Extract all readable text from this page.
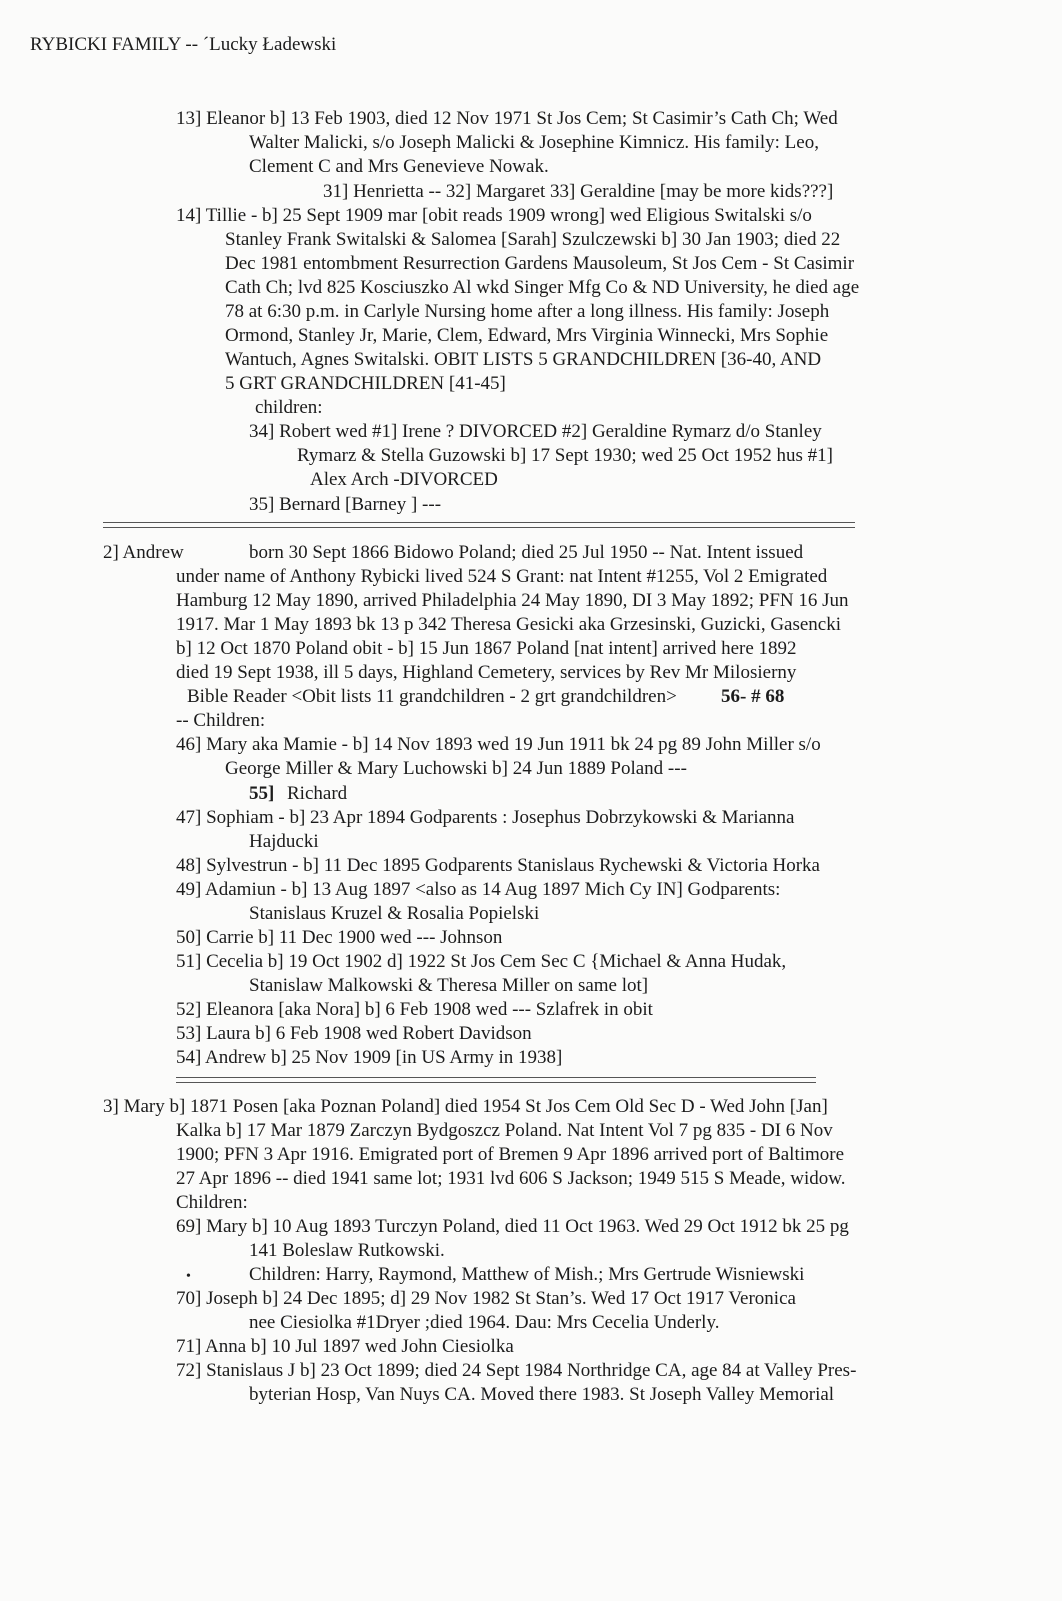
RYBICKI FAMILY -- ´Lucky Ładewski
13] Eleanor b] 13 Feb 1903, died 12 Nov 1971 St Jos Cem; St Casimir’s Cath Ch; Wed
Walter Malicki, s/o Joseph Malicki & Josephine Kimnicz. His family: Leo,
Clement C and Mrs Genevieve Nowak.
31] Henrietta -- 32] Margaret 33] Geraldine [may be more kids???]
14] Tillie - b] 25 Sept 1909 mar [obit reads 1909 wrong] wed Eligious Switalski s/o
Stanley Frank Switalski & Salomea [Sarah] Szulczewski b] 30 Jan 1903; died 22
Dec 1981 entombment Resurrection Gardens Mausoleum, St Jos Cem - St Casimir
Cath Ch; lvd 825 Kosciuszko Al wkd Singer Mfg Co & ND University, he died age
78 at 6:30 p.m. in Carlyle Nursing home after a long illness. His family: Joseph
Ormond, Stanley Jr, Marie, Clem, Edward, Mrs Virginia Winnecki, Mrs Sophie
Wantuch, Agnes Switalski. OBIT LISTS 5 GRANDCHILDREN [36-40, AND
5 GRT GRANDCHILDREN [41-45]
children:
34] Robert wed #1] Irene ? DIVORCED #2] Geraldine Rymarz d/o Stanley
Rymarz & Stella Guzowski b] 17 Sept 1930; wed 25 Oct 1952 hus #1]
Alex Arch -DIVORCED
35] Bernard [Barney ] ---
2] Andrew	born 30 Sept 1866 Bidowo Poland; died 25 Jul 1950 -- Nat. Intent issued
under name of Anthony Rybicki lived 524 S Grant: nat Intent #1255, Vol 2 Emigrated
Hamburg 12 May 1890, arrived Philadelphia 24 May 1890, DI 3 May 1892; PFN 16 Jun
1917. Mar 1 May 1893 bk 13 p 342 Theresa Gesicki aka Grzesinski, Guzicki, Gasencki
b] 12 Oct 1870 Poland obit - b] 15 Jun 1867 Poland [nat intent] arrived here 1892
died 19 Sept 1938, ill 5 days, Highland Cemetery, services by Rev Mr Milosierny
Bible Reader <Obit lists 11 grandchildren - 2 grt grandchildren> 56- # 68
-- Children:
46] Mary aka Mamie - b] 14 Nov 1893 wed 19 Jun 1911 bk 24 pg 89 John Miller s/o
George Miller & Mary Luchowski b] 24 Jun 1889 Poland ---
55] Richard
47] Sophiam - b] 23 Apr 1894 Godparents : Josephus Dobrzykowski & Marianna
Hajducki
48] Sylvestrun - b] 11 Dec 1895 Godparents Stanislaus Rychewski & Victoria Horka
49] Adamiun - b] 13 Aug 1897 <also as 14 Aug 1897 Mich Cy IN] Godparents:
Stanislaus Kruzel & Rosalia Popielski
50] Carrie b] 11 Dec 1900 wed --- Johnson
51] Cecelia b] 19 Oct 1902 d] 1922 St Jos Cem Sec C {Michael & Anna Hudak,
Stanislaw Malkowski & Theresa Miller on same lot]
52] Eleanora [aka Nora] b] 6 Feb 1908 wed --- Szlafrek in obit
53] Laura b] 6 Feb 1908 wed Robert Davidson
54] Andrew b] 25 Nov 1909 [in US Army in 1938]
3] Mary b] 1871 Posen [aka Poznan Poland] died 1954 St Jos Cem Old Sec D - Wed John [Jan]
Kalka b] 17 Mar 1879 Zarczyn Bydgoszcz Poland. Nat Intent Vol 7 pg 835 - DI 6 Nov
1900; PFN 3 Apr 1916. Emigrated port of Bremen 9 Apr 1896 arrived port of Baltimore
27 Apr 1896 -- died 1941 same lot; 1931 lvd 606 S Jackson; 1949 515 S Meade, widow.
Children:
69] Mary b] 10 Aug 1893 Turczyn Poland, died 11 Oct 1963. Wed 29 Oct 1912 bk 25 pg
141 Boleslaw Rutkowski.
•	Children: Harry, Raymond, Matthew of Mish.; Mrs Gertrude Wisniewski
70] Joseph b] 24 Dec 1895; d] 29 Nov 1982 St Stan’s. Wed 17 Oct 1917 Veronica
nee Ciesiolka #1Dryer ;died 1964. Dau: Mrs Cecelia Underly.
71] Anna b] 10 Jul 1897 wed John Ciesiolka
72] Stanislaus J b] 23 Oct 1899; died 24 Sept 1984 Northridge CA, age 84 at Valley Pres-
byterian Hosp, Van Nuys CA. Moved there 1983. St Joseph Valley Memorial
